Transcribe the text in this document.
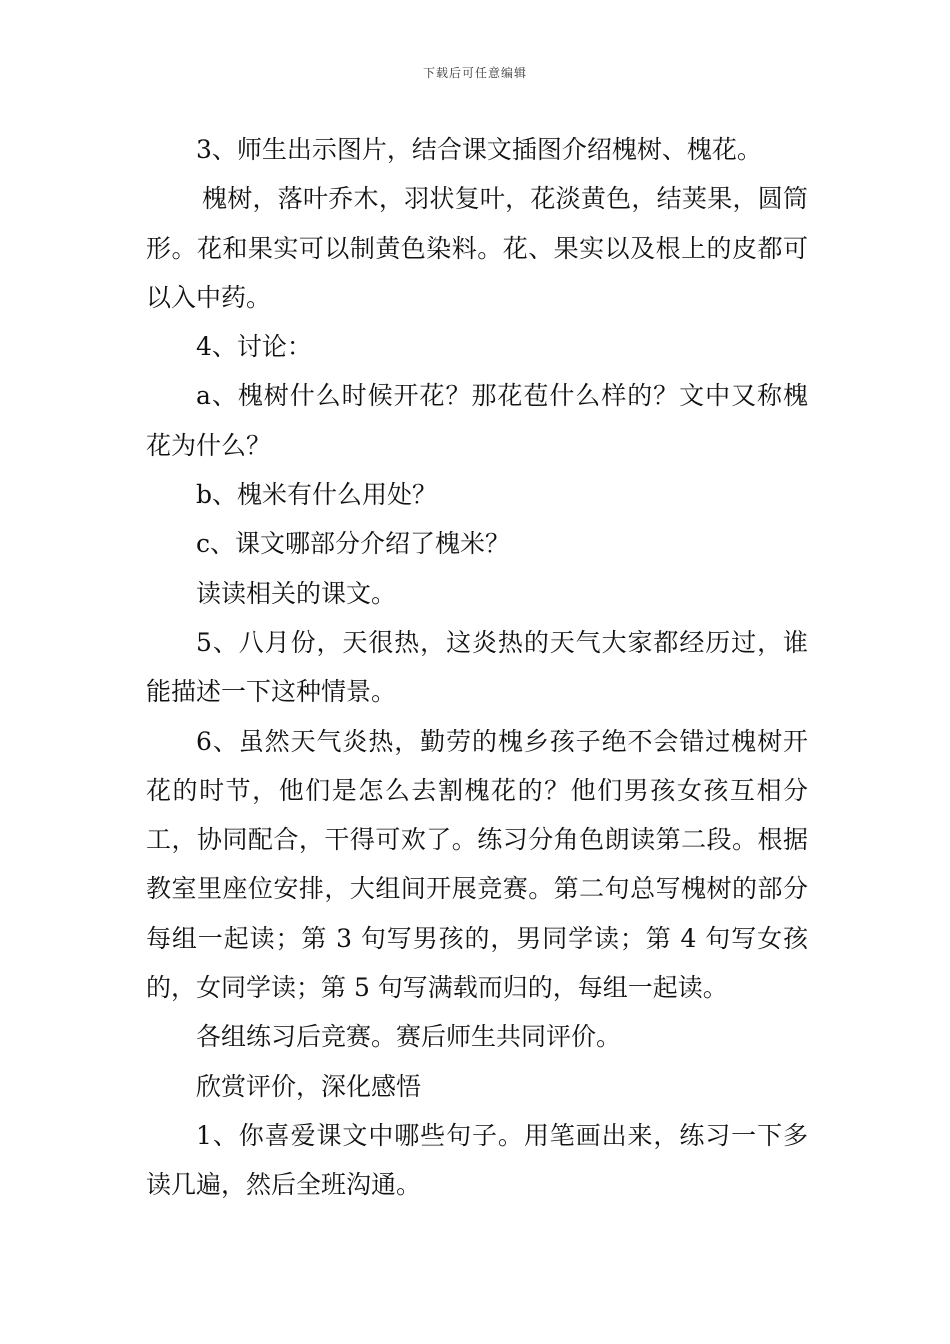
下载后可任意编辑

3、师生出示图片，结合课文插图介绍槐树、槐花。

槐树，落叶乔木，羽状复叶，花淡黄色，结荚果，圆筒形。花和果实可以制黄色染料。花、果实以及根上的皮都可以入中药。

4、讨论：

a、槐树什么时候开花？那花苞什么样的？文中又称槐花为什么？

b、槐米有什么用处？

c、课文哪部分介绍了槐米？

读读相关的课文。

5、八月份，天很热，这炎热的天气大家都经历过，谁能描述一下这种情景。

6、虽然天气炎热，勤劳的槐乡孩子绝不会错过槐树开花的时节，他们是怎么去割槐花的？他们男孩女孩互相分工，协同配合，干得可欢了。练习分角色朗读第二段。根据教室里座位安排，大组间开展竞赛。第二句总写槐树的部分每组一起读；第 3 句写男孩的，男同学读；第 4 句写女孩的，女同学读；第 5 句写满载而归的，每组一起读。

各组练习后竞赛。赛后师生共同评价。

欣赏评价，深化感悟

1、你喜爱课文中哪些句子。用笔画出来，练习一下多读几遍，然后全班沟通。
